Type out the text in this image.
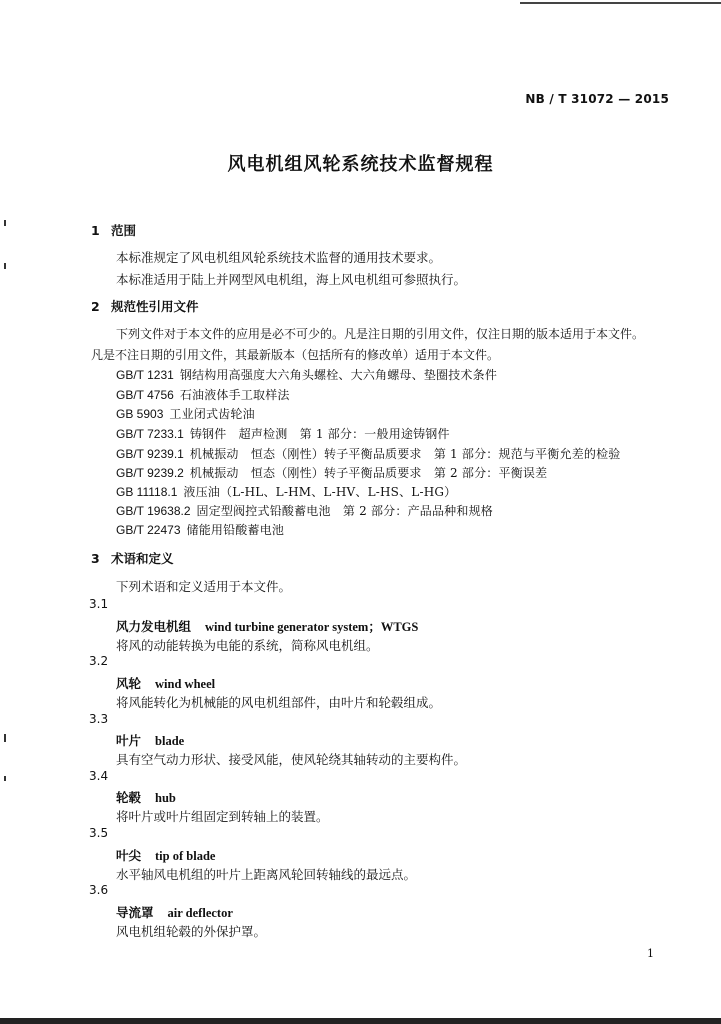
NB / T 31072 — 2015
风电机组风轮系统技术监督规程
1 范围
本标准规定了风电机组风轮系统技术监督的通用技术要求。
本标准适用于陆上并网型风电机组，海上风电机组可参照执行。
2 规范性引用文件
下列文件对于本文件的应用是必不可少的。凡是注日期的引用文件，仅注日期的版本适用于本文件。
凡是不注日期的引用文件，其最新版本（包括所有的修改单）适用于本文件。
GB/T 1231 钢结构用高强度大六角头螺栓、大六角螺母、垫圈技术条件
GB/T 4756 石油液体手工取样法
GB 5903 工业闭式齿轮油
GB/T 7233.1 铸钢件　超声检测　第 1 部分：一般用途铸钢件
GB/T 9239.1 机械振动　恒态（刚性）转子平衡品质要求　第 1 部分：规范与平衡允差的检验
GB/T 9239.2 机械振动　恒态（刚性）转子平衡品质要求　第 2 部分：平衡误差
GB 11118.1 液压油（L-HL、L-HM、L-HV、L-HS、L-HG）
GB/T 19638.2 固定型阀控式铅酸蓄电池　第 2 部分：产品品种和规格
GB/T 22473 储能用铅酸蓄电池
3 术语和定义
下列术语和定义适用于本文件。
3.1
风力发电机组 wind turbine generator system；WTGS
将风的动能转换为电能的系统，简称风电机组。
3.2
风轮 wind wheel
将风能转化为机械能的风电机组部件，由叶片和轮毂组成。
3.3
叶片 blade
具有空气动力形状、接受风能，使风轮绕其轴转动的主要构件。
3.4
轮毂 hub
将叶片或叶片组固定到转轴上的装置。
3.5
叶尖 tip of blade
水平轴风电机组的叶片上距离风轮回转轴线的最远点。
3.6
导流罩 air deflector
风电机组轮毂的外保护罩。
1
